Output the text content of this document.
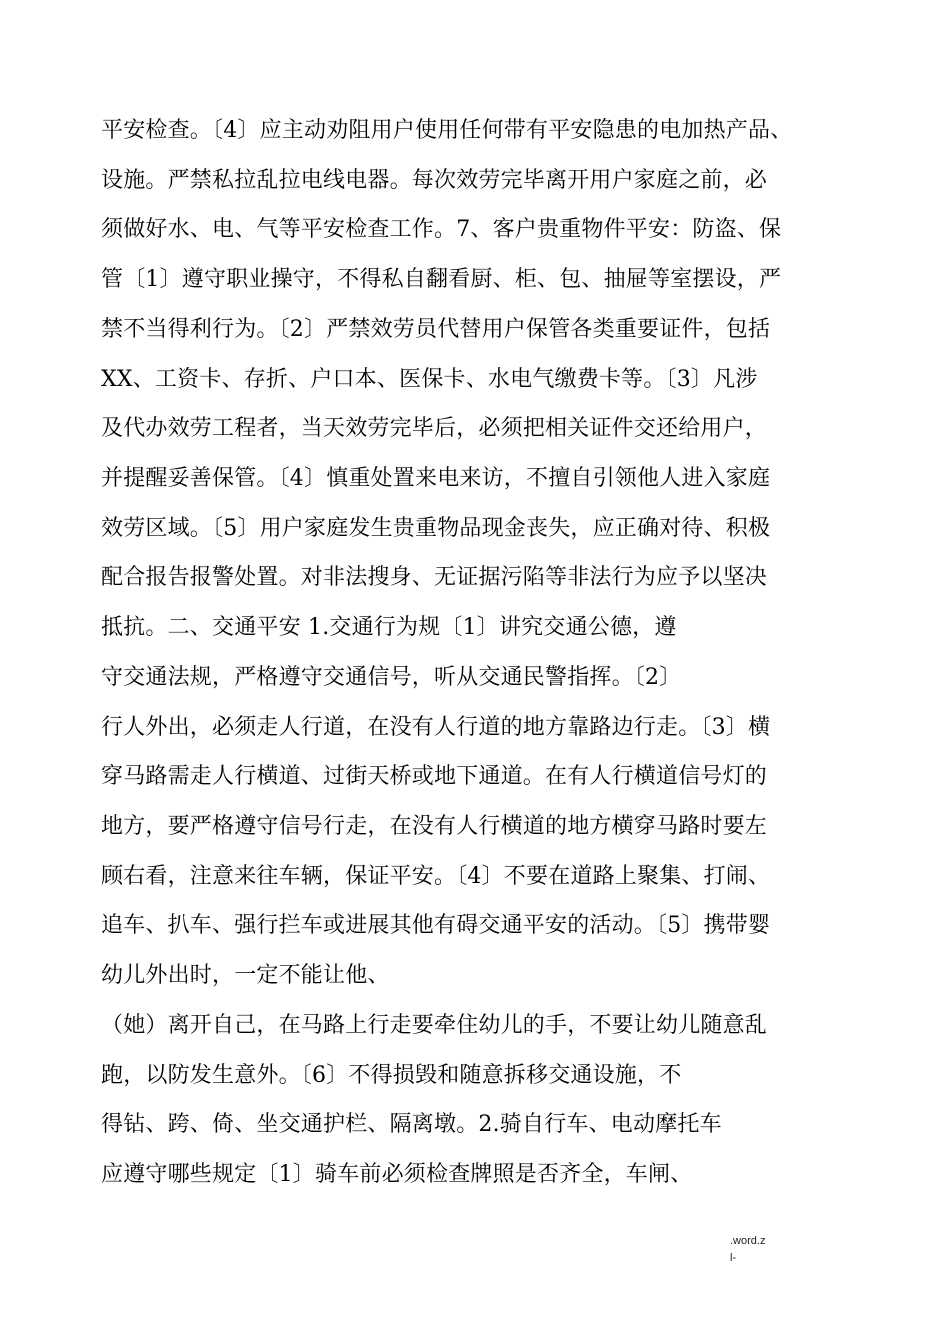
平安检查。〔4〕应主动劝阻用户使用任何带有平安隐患的电加热产品、
设施。严禁私拉乱拉电线电器。每次效劳完毕离开用户家庭之前，必
须做好水、电、气等平安检查工作。7、客户贵重物件平安：防盗、保
管〔1〕遵守职业操守，不得私自翻看厨、柜、包、抽屉等室摆设，严
禁不当得利行为。〔2〕严禁效劳员代替用户保管各类重要证件，包括
XX、工资卡、存折、户口本、医保卡、水电气缴费卡等。〔3〕凡涉
及代办效劳工程者，当天效劳完毕后，必须把相关证件交还给用户，
并提醒妥善保管。〔4〕慎重处置来电来访，不擅自引领他人进入家庭
效劳区域。〔5〕用户家庭发生贵重物品现金丧失，应正确对待、积极
配合报告报警处置。对非法搜身、无证据污陷等非法行为应予以坚决
抵抗。二、交通平安 1.交通行为规〔1〕讲究交通公德，遵
守交通法规，严格遵守交通信号，听从交通民警指挥。〔2〕
行人外出，必须走人行道，在没有人行道的地方靠路边行走。〔3〕横
穿马路需走人行横道、过街天桥或地下通道。在有人行横道信号灯的
地方，要严格遵守信号行走，在没有人行横道的地方横穿马路时要左
顾右看，注意来往车辆，保证平安。〔4〕不要在道路上聚集、打闹、
追车、扒车、强行拦车或进展其他有碍交通平安的活动。〔5〕携带婴
幼儿外出时，一定不能让他、
（她）离开自己，在马路上行走要牵住幼儿的手，不要让幼儿随意乱
跑，以防发生意外。〔6〕不得损毁和随意拆移交通设施，不
得钻、跨、倚、坐交通护栏、隔离墩。2.骑自行车、电动摩托车
应遵守哪些规定〔1〕骑车前必须检查牌照是否齐全，车闸、
.word.z
l-
